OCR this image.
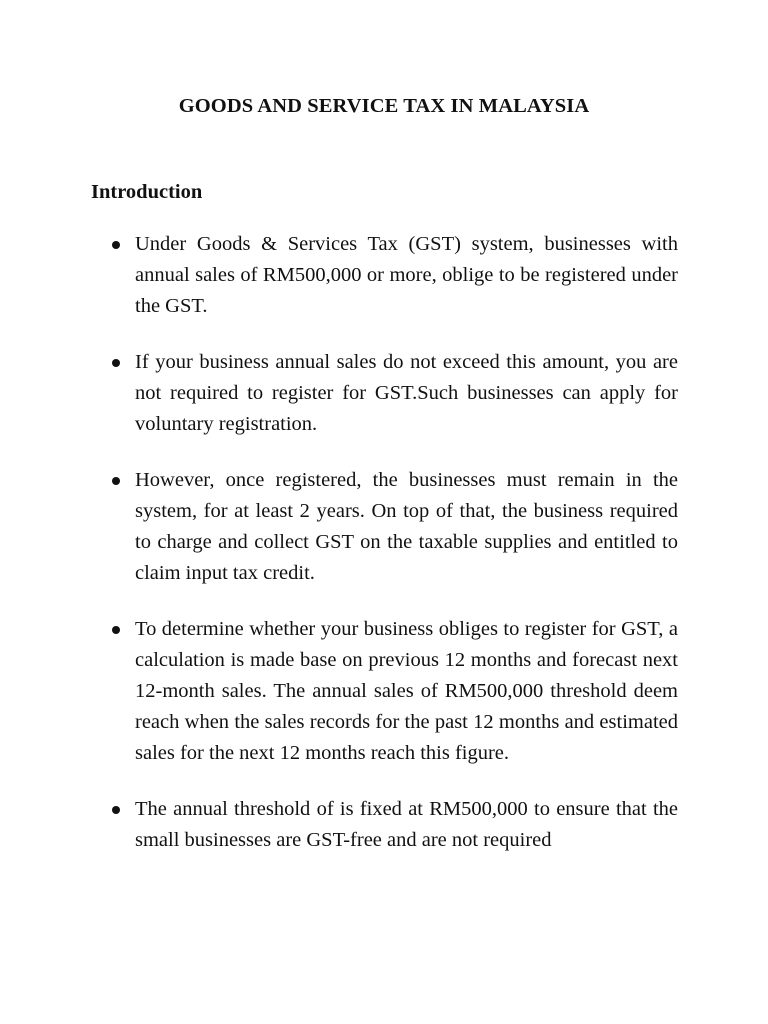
GOODS AND SERVICE TAX IN MALAYSIA
Introduction
Under Goods & Services Tax (GST) system, businesses with annual sales of RM500,000 or more, oblige to be registered under the GST.
If your business annual sales do not exceed this amount, you are not required to register for GST.Such businesses can apply for voluntary registration.
However, once registered, the businesses must remain in the system, for at least 2 years. On top of that, the business required to charge and collect GST on the taxable supplies and entitled to claim input tax credit.
To determine whether your business obliges to register for GST, a calculation is made base on previous 12 months and forecast next 12-month sales. The annual sales of RM500,000 threshold deem reach when the sales records for the past 12 months and estimated sales for the next 12 months reach this figure.
The annual threshold of is fixed at RM500,000 to ensure that the small businesses are GST-free and are not required
